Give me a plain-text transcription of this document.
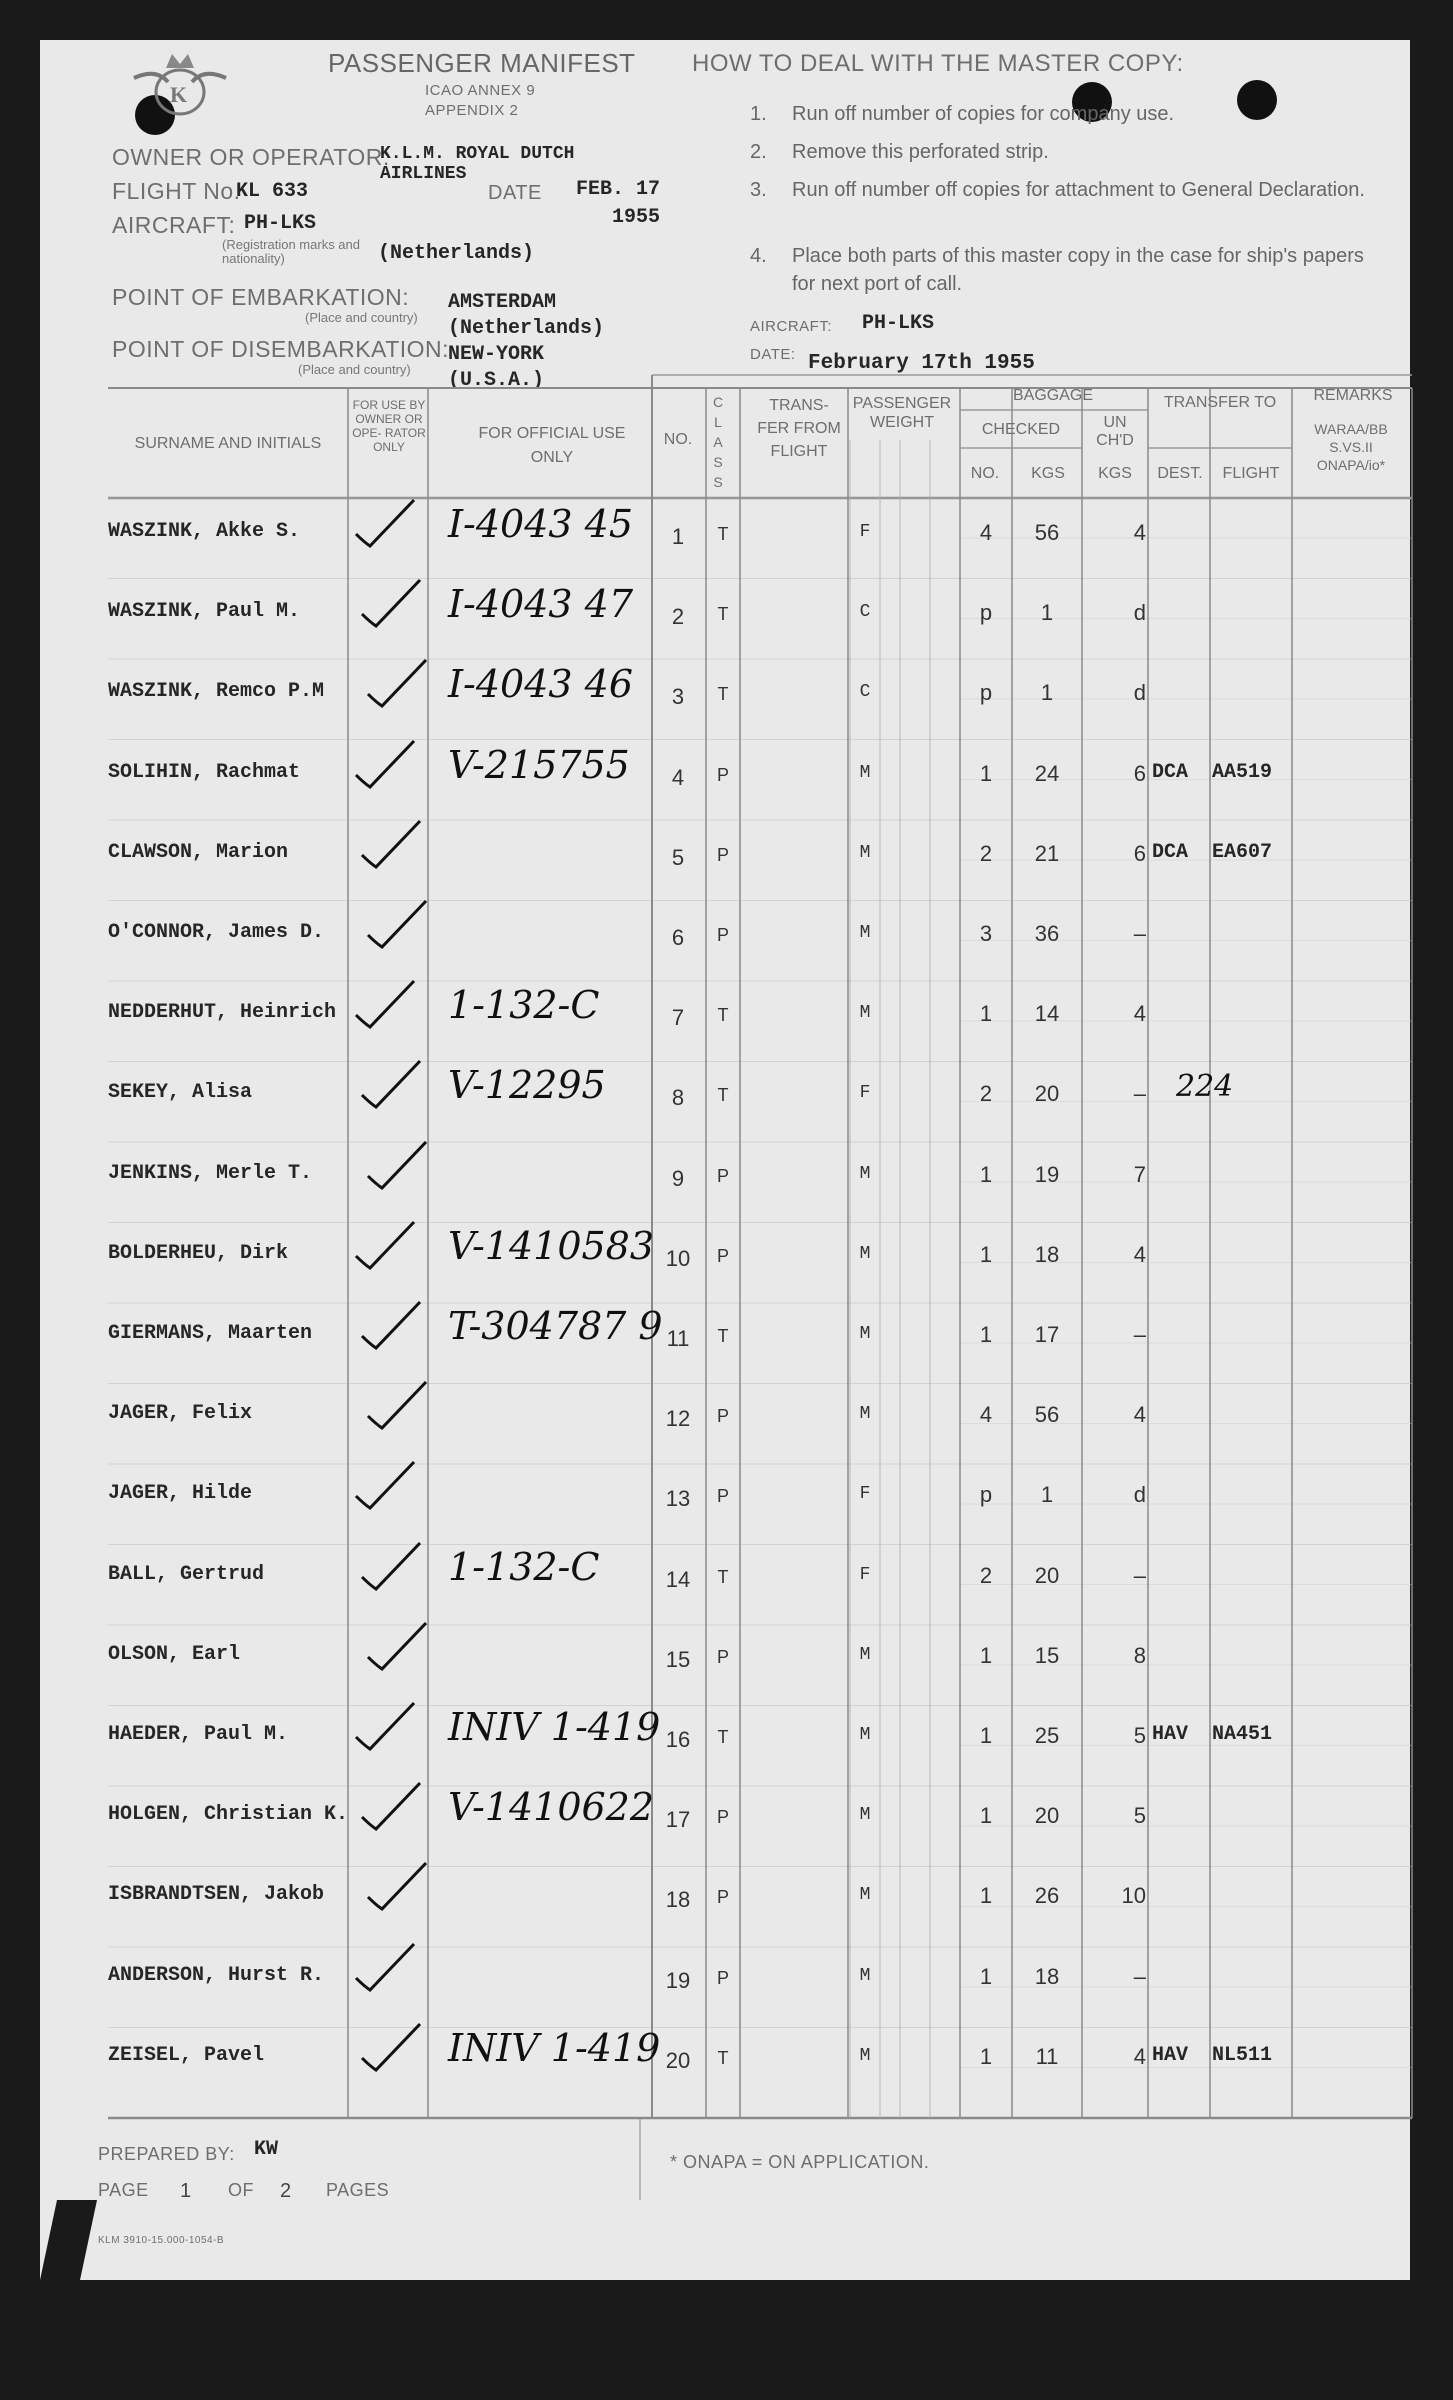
K
PASSENGER MANIFEST
ICAO ANNEX 9
APPENDIX 2
OWNER OR OPERATOR:
K.L.M. ROYAL DUTCH AIRLINES
FLIGHT No.
KL 633	DATE	FEB. 17 1955
AIRCRAFT: PH-LKS
(Registration marks and nationality)	(Netherlands)
POINT OF EMBARKATION:
(Place and country)
AMSTERDAM (Netherlands)
POINT OF DISEMBARKATION:
(Place and country)
NEW-YORK (U.S.A.)
HOW TO DEAL WITH THE MASTER COPY:
1. Run off number of copies for company use.
2. Remove this perforated strip.
3. Run off number off copies for attachment to General Declaration.
4. Place both parts of this master copy in the case for ship's papers for next port of call.
AIRCRAFT: PH-LKS
DATE: February 17th 1955
SURNAME AND INITIALS
FOR USE BY OWNER OR OPE- RATOR ONLY
FOR OFFICIAL USE ONLY
NO.
CLASS
TRANS- FER FROM FLIGHT
PASSENGER WEIGHT
BAGGAGE
CHECKED	UN CH'D
NO.	KGS	KGS
TRANSFER TO
DEST.	FLIGHT
REMARKS
WARAA/BB S.VS.II ONAPA/io*
WASZINK, Akke S.	I-4043 45	1	T	F	4	56	4
WASZINK, Paul M.	I-4043 47	2	T	C	p	1	d
WASZINK, Remco P.M	I-4043 46	3	T	C	p	1	d
SOLIHIN, Rachmat	V-215755	4	P	M	1	24	6 DCA AA519
CLAWSON, Marion	5	P	M	2	21	6 DCA EA607
O'CONNOR, James D.	6	P	M	3	36	–
NEDDERHUT, Heinrich	1-132-C	7	T	M	1	14	4
SEKEY, Alisa	V-12295	8	T	F	2	20	– 224
JENKINS, Merle T.	9	P	M	1	19	7
BOLDERHEU, Dirk	V-1410583 10	P	M	1	18	4
GIERMANS, Maarten	T-304787 9 11	T	M	1	17	–
JAGER, Felix	12	P	M	4	56	4
JAGER, Hilde	13	P	F	p	1	d
BALL, Gertrud	1-132-C	14	T	F	2	20	–
OLSON, Earl	15	P	M	1	15	8
HAEDER, Paul M.	INIV 1-419 16	T	M	1	25	5 HAV NA451
HOLGEN, Christian K.	V-1410622 17	P	M	1	20	5
ISBRANDTSEN, Jakob	18	P	M	1	26	10
ANDERSON, Hurst R.	19	P	M	1	18	–
ZEISEL, Pavel	INIV 1-419 20	T	M	1	11	4 HAV NL511
PREPARED BY: KW
PAGE 1 OF 2 PAGES
* ONAPA = ON APPLICATION.
KLM 3910-15.000-1054-B
